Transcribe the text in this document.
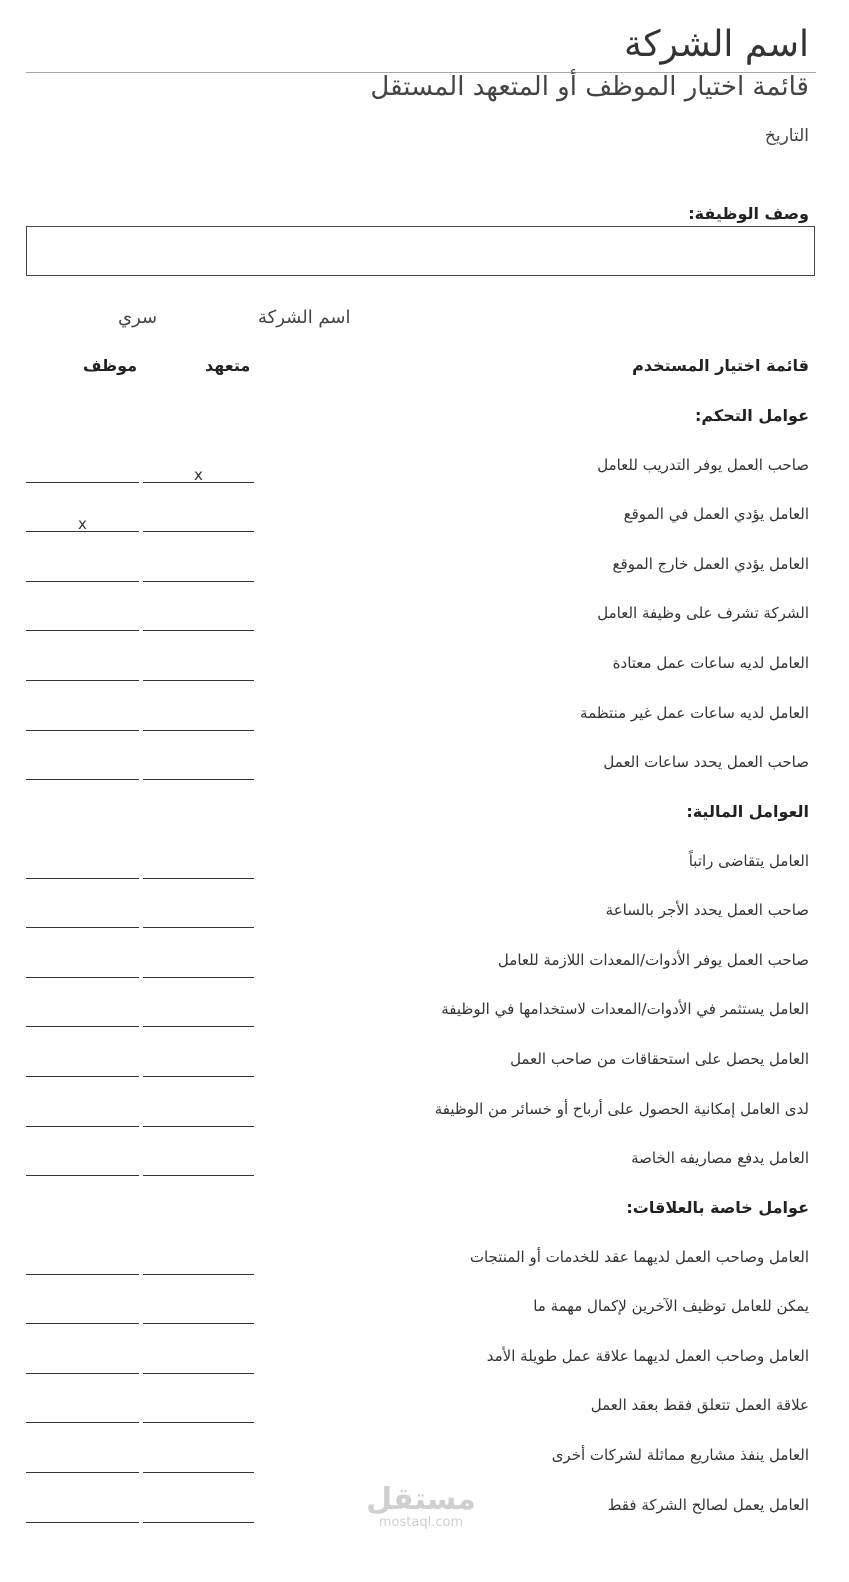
اسم الشركة
قائمة اختيار الموظف أو المتعهد المستقل
التاريخ
وصف الوظيفة:
اسم الشركة
سري
قائمة اختيار المستخدم
متعهد
موظف
عوامل التحكم:
صاحب العمل يوفر التدريب للعامل
x
العامل يؤدي العمل في الموقع
x
العامل يؤدي العمل خارج الموقع
الشركة تشرف على وظيفة العامل
العامل لديه ساعات عمل معتادة
العامل لديه ساعات عمل غير منتظمة
صاحب العمل يحدد ساعات العمل
العوامل المالية:
العامل يتقاضى راتباً
صاحب العمل يحدد الأجر بالساعة
صاحب العمل يوفر الأدوات/المعدات اللازمة للعامل
العامل يستثمر في الأدوات/المعدات لاستخدامها في الوظيفة
العامل يحصل على استحقاقات من صاحب العمل
لدى العامل إمكانية الحصول على أرباح أو خسائر من الوظيفة
العامل يدفع مصاريفه الخاصة
عوامل خاصة بالعلاقات:
العامل وصاحب العمل لديهما عقد للخدمات أو المنتجات
يمكن للعامل توظيف الآخرين لإكمال مهمة ما
العامل وصاحب العمل لديهما علاقة عمل طويلة الأمد
علاقة العمل تتعلق فقط بعقد العمل
العامل ينفذ مشاريع مماثلة لشركات أخرى
العامل يعمل لصالح الشركة فقط
مستقل
mostaql.com
